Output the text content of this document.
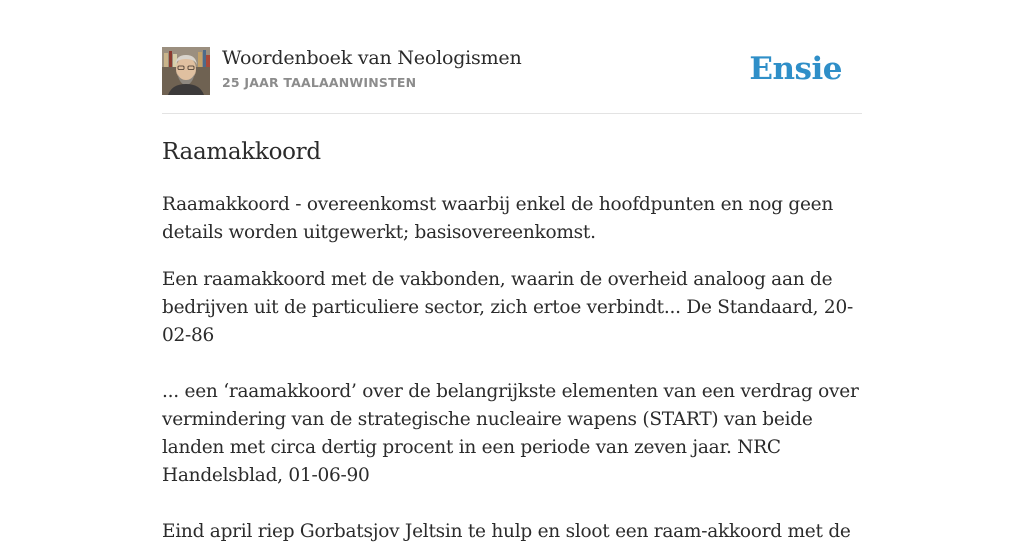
Woordenboek van Neologismen
25 JAAR TAALAANWINSTEN	Ensie
Raamakkoord

Raamakkoord - overeenkomst waarbij enkel de hoofdpunten en nog geen details worden uitgewerkt; basisovereenkomst.

Een raamakkoord met de vakbonden, waarin de overheid analoog aan de bedrijven uit de particuliere sector, zich ertoe verbindt... De Standaard, 20-02-86

... een ‘raamakkoord’ over de belangrijkste elementen van een verdrag over vermindering van de strategische nucleaire wapens (START) van beide landen met circa dertig procent in een periode van zeven jaar. NRC Handelsblad, 01-06-90

Eind april riep Gorbatsjov Jeltsin te hulp en sloot een raam-akkoord met de
